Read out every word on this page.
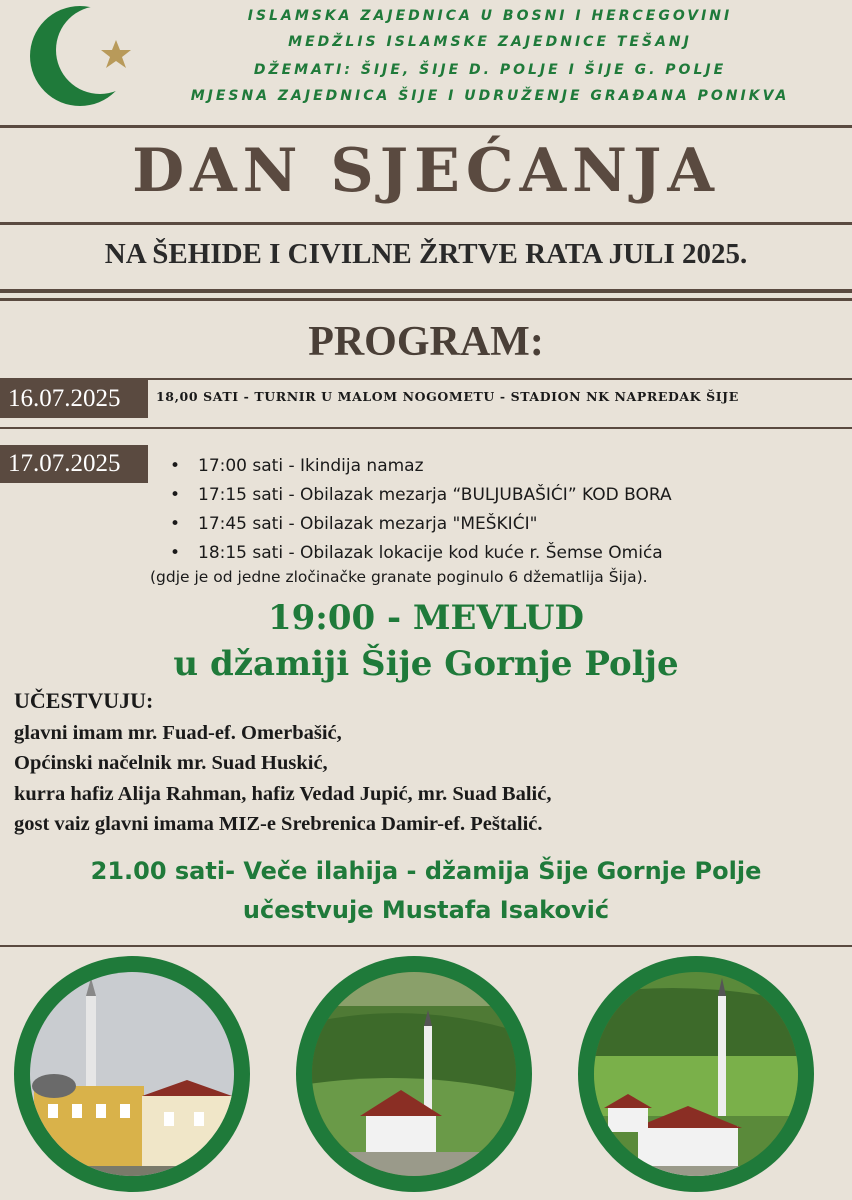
ISLAMSKA ZAJEDNICA U BOSNI I HERCEGOVINI
MEDŽLIS ISLAMSKE ZAJEDNICE TEŠANJ
DŽEMATI: ŠIJE, ŠIJE D. POLJE I ŠIJE G. POLJE
MJESNA ZAJEDNICA ŠIJE I UDRUŽENJE GRAĐANA PONIKVA
DAN SJEĆANJA
NA ŠEHIDE I CIVILNE ŽRTVE RATA JULI 2025.
PROGRAM:
16.07.2025	18,00 SATI - TURNIR U MALOM NOGOMETU - STADION NK NAPREDAK ŠIJE
17.07.2025	• 17:00 sati - Ikindija namaz
• 17:15 sati - Obilazak mezarja “BULJUBAŠIĆI” KOD BORA
• 17:45 sati - Obilazak mezarja "MEŠKIĆI"
• 18:15 sati - Obilazak lokacije kod kuće r. Šemse Omića
(gdje je od jedne zločinačke granate poginulo 6 džematlija Šija).
19:00 - MEVLUD
u džamiji Šije Gornje Polje
UČESTVUJU:
glavni imam mr. Fuad-ef. Omerbašić,
Općinski načelnik mr. Suad Huskić,
kurra hafiz Alija Rahman, hafiz Vedad Jupić, mr. Suad Balić,
gost vaiz glavni imama MIZ-e Srebrenica Damir-ef. Peštalić.
21.00 sati- Veče ilahija - džamija Šije Gornje Polje
učestvuje Mustafa Isaković
